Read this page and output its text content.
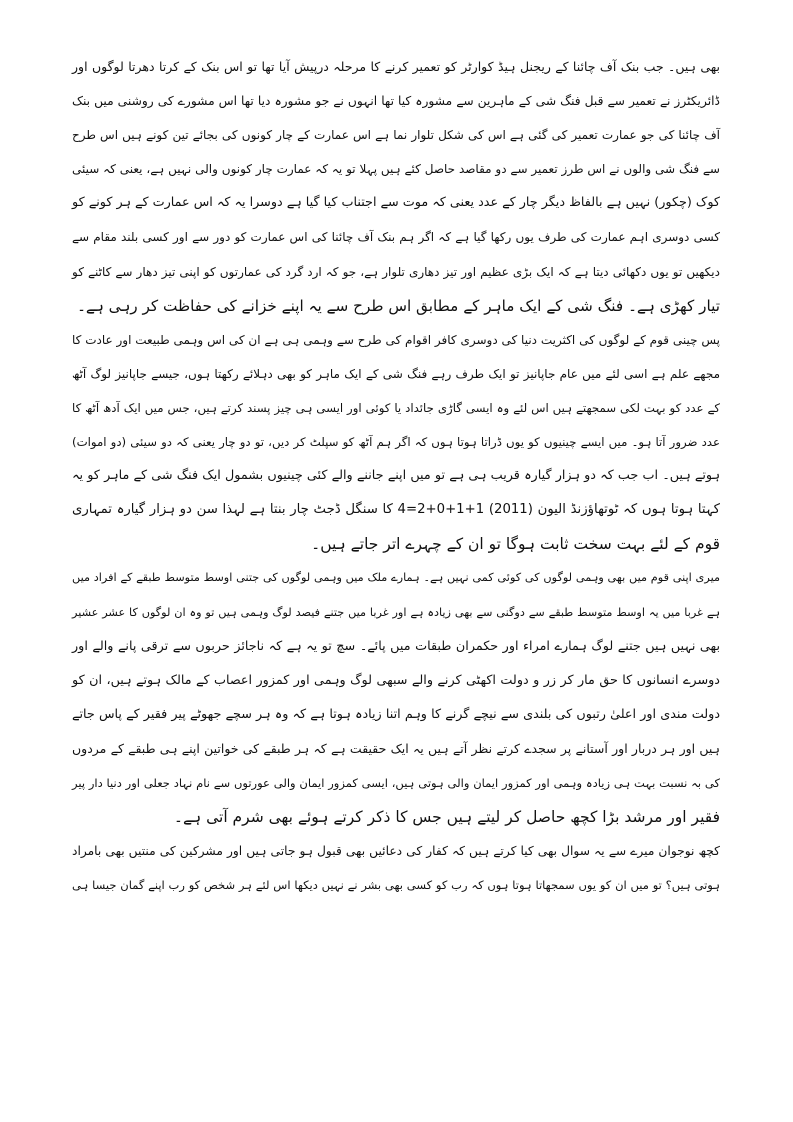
بھی ہیں۔ جب بنک آف چائنا کے ریجنل ہیڈ کوارٹر کو تعمیر کرنے کا مرحلہ درپیش آیا تھا تو اس بنک کے کرتا دھرتا لوگوں اور
ڈائریکٹرز نے تعمیر سے قبل فنگ شی کے ماہرین سے مشورہ کیا تھا انہوں نے جو مشورہ دیا تھا اس مشورے کی روشنی میں بنک
آف چائنا کی جو عمارت تعمیر کی گئی ہے اس کی شکل تلوار نما ہے اس عمارت کے چار کونوں کی بجائے تین کونے ہیں اس طرح
سے فنگ شی والوں نے اس طرز تعمیر سے دو مقاصد حاصل کئے ہیں پہلا تو یہ کہ عمارت چار کونوں والی نہیں ہے، یعنی کہ سیئی
کوک (چکور) نہیں ہے بالفاظ دیگر چار کے عدد یعنی کہ موت سے اجتناب کیا گیا ہے دوسرا یہ کہ اس عمارت کے ہر کونے کو
کسی دوسری اہم عمارت کی طرف یوں رکھا گیا ہے کہ اگر ہم بنک آف چائنا کی اس عمارت کو دور سے اور کسی بلند مقام سے
دیکھیں تو یوں دکھائی دیتا ہے کہ ایک بڑی عظیم اور تیز دھاری تلوار ہے، جو کہ ارد گرد کی عمارتوں کو اپنی تیز دھار سے کاٹنے کو
تیار کھڑی ہے۔ فنگ شی کے ایک ماہر کے مطابق اس طرح سے یہ اپنے خزانے کی حفاظت کر رہی ہے۔
پس چینی قوم کے لوگوں کی اکثریت دنیا کی دوسری کافر اقوام کی طرح سے وہمی ہی ہے ان کی اس وہمی طبیعت اور عادت کا
مجھے علم ہے اسی لئے میں عام جاپانیز تو ایک طرف رہے فنگ شی کے ایک ماہر کو بھی دہلائے رکھتا ہوں، جیسے جاپانیز لوگ آٹھ
کے عدد کو بہت لکی سمجھتے ہیں اس لئے وہ ایسی گاڑی جائداد یا کوئی اور ایسی ہی چیز پسند کرتے ہیں، جس میں ایک آدھ آٹھ کا
عدد ضرور آتا ہو۔ میں ایسے چینیوں کو یوں ڈراتا ہوتا ہوں کہ اگر ہم آٹھ کو سپلٹ کر دیں، تو دو چار یعنی کہ دو سیئی (دو اموات)
ہوتے ہیں۔ اب جب کہ دو ہزار گیارہ قریب ہی ہے تو میں اپنے جاننے والے کئی چینیوں بشمول ایک فنگ شی کے ماہر کو یہ
کہتا ہوتا ہوں کہ ٹوتھاؤزنڈ الیون (2011) 1+1+0+2=4 کا سنگل ڈجٹ چار بنتا ہے لہذا سن دو ہزار گیارہ تمہاری
قوم کے لئے بہت سخت ثابت ہوگا تو ان کے چہرے اتر جاتے ہیں۔
میری اپنی قوم میں بھی وہمی لوگوں کی کوئی کمی نہیں ہے۔ ہمارے ملک میں وہمی لوگوں کی جتنی اوسط متوسط طبقے کے افراد میں
ہے غربا میں یہ اوسط متوسط طبقے سے دوگنی سے بھی زیادہ ہے اور غربا میں جتنے فیصد لوگ وہمی ہیں تو وہ ان لوگوں کا عشر عشیر
بھی نہیں ہیں جتنے لوگ ہمارے امراء اور حکمران طبقات میں پائے۔ سچ تو یہ ہے کہ ناجائز حربوں سے ترقی پانے والے اور
دوسرے انسانوں کا حق مار کر زر و دولت اکھٹی کرنے والے سبھی لوگ وہمی اور کمزور اعصاب کے مالک ہوتے ہیں، ان کو
دولت مندی اور اعلیٰ رتبوں کی بلندی سے نیچے گرنے کا وہم اتنا زیادہ ہوتا ہے کہ وہ ہر سچے جھوٹے پیر فقیر کے پاس جاتے
ہیں اور ہر دربار اور آستانے پر سجدے کرتے نظر آتے ہیں یہ ایک حقیقت ہے کہ ہر طبقے کی خواتین اپنے ہی طبقے کے مردوں
کی بہ نسبت بہت ہی زیادہ وہمی اور کمزور ایمان والی ہوتی ہیں، ایسی کمزور ایمان والی عورتوں سے نام نہاد جعلی اور دنیا دار پیر
فقیر اور مرشد بڑا کچھ حاصل کر لیتے ہیں جس کا ذکر کرتے ہوئے بھی شرم آتی ہے۔
کچھ نوجوان میرے سے یہ سوال بھی کیا کرتے ہیں کہ کفار کی دعائیں بھی قبول ہو جاتی ہیں اور مشرکین کی منتیں بھی بامراد
ہوتی ہیں؟ تو میں ان کو یوں سمجھاتا ہوتا ہوں کہ رب کو کسی بھی بشر نے نہیں دیکھا اس لئے ہر شخص کو رب اپنے گمان جیسا ہی
